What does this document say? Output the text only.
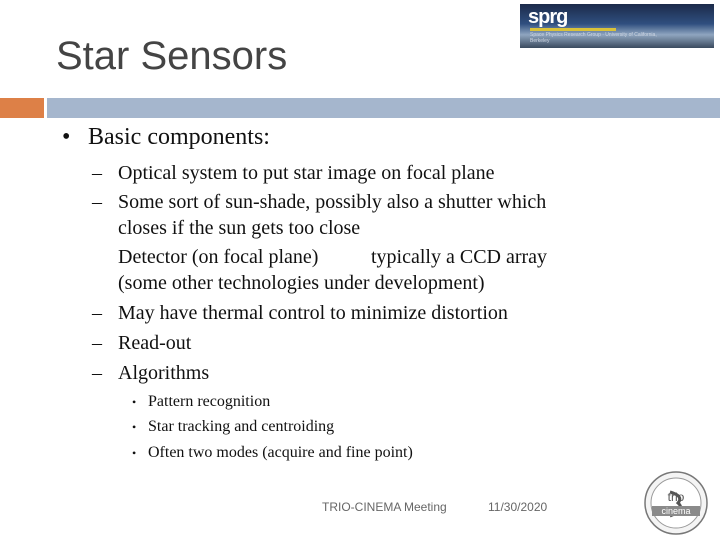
Star Sensors
sprg
Space Physics Research Group · University of California, Berkeley
• Basic components:
– Optical system to put star image on focal plane
– Some sort of sun-shade, possibly also a shutter which
closes if the sun gets too close
Detector (on focal plane)	typically a CCD array
(some other technologies under development)
– May have thermal control to minimize distortion
– Read-out
– Algorithms
• Pattern recognition
• Star tracking and centroiding
• Often two modes (acquire and fine point)
TRIO-CINEMA Meeting	11/30/2020
trio
cinema
